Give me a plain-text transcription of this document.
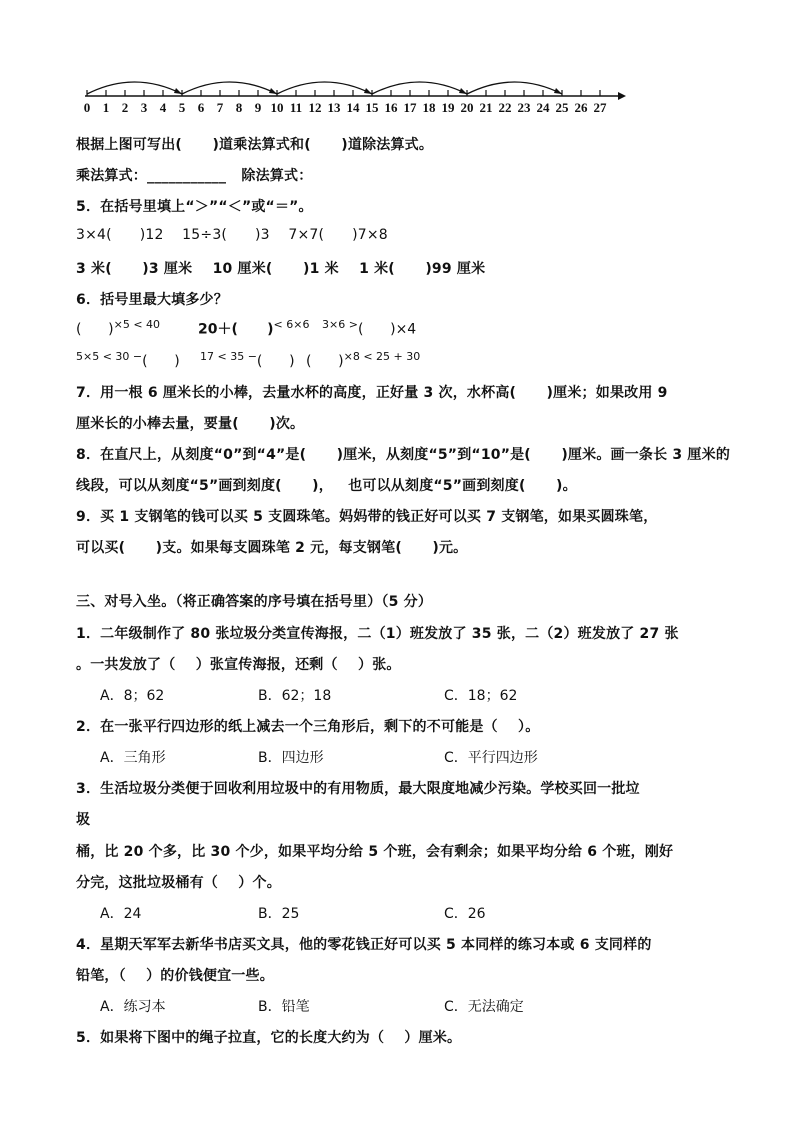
0 1 2 3 4 5 6 7 8 9 10 11 12 13 14 15 16 17 18 19 20 21 22 23 24 25 26 27
根据上图可写出(      )道乘法算式和(      )道除法算式。
乘法算式：___________   除法算式：
5．在括号里填上“＞”“＜”或“＝”。
3×4(      )12    15÷3(      )3    7×7(      )7×8
3 米(      )3 厘米    10 厘米(      )1 米    1 米(      )99 厘米
6．括号里最大填多少？
(      )$^{\times 5 < 40}$	20＋(      )$^{< 6\times 6}$ $^{3\times 6 >}$(      )×4
$^{5\times 5 < 30 -}$(      ) $^{17 < 35 -}$(      ) (      )$^{\times 8 < 25 + 30}$
7．用一根 6 厘米长的小棒，去量水杯的高度，正好量 3 次，水杯高(      )厘米；如果改用 9
厘米长的小棒去量，要量(      )次。
8．在直尺上，从刻度“0”到“4”是(      )厘米，从刻度“5”到“10”是(      )厘米。画一条长 3 厘米的
线段，可以从刻度“5”画到刻度(      )，   也可以从刻度“5”画到刻度(      )。
9．买 1 支钢笔的钱可以买 5 支圆珠笔。妈妈带的钱正好可以买 7 支钢笔，如果买圆珠笔，
可以买(      )支。如果每支圆珠笔 2 元，每支钢笔(      )元。
三、对号入坐。（将正确答案的序号填在括号里）（5 分）
1．二年级制作了 80 张垃圾分类宣传海报，二（1）班发放了 35 张，二（2）班发放了 27 张
。一共发放了（    ）张宣传海报，还剩（    ）张。
A．8；62	B．62；18	C．18；62
2．在一张平行四边形的纸上减去一个三角形后，剩下的不可能是（    ）。
A．三角形	B．四边形	C．平行四边形
3．生活垃圾分类便于回收利用垃圾中的有用物质，最大限度地减少污染。学校买回一批垃
圾
桶，比 20 个多，比 30 个少，如果平均分给 5 个班，会有剩余；如果平均分给 6 个班，刚好
分完，这批垃圾桶有（    ）个。
A．24	B．25	C．26
4．星期天军军去新华书店买文具，他的零花钱正好可以买 5 本同样的练习本或 6 支同样的
铅笔，（    ）的价钱便宜一些。
A．练习本	B．铅笔	C．无法确定
5．如果将下图中的绳子拉直，它的长度大约为（    ）厘米。
